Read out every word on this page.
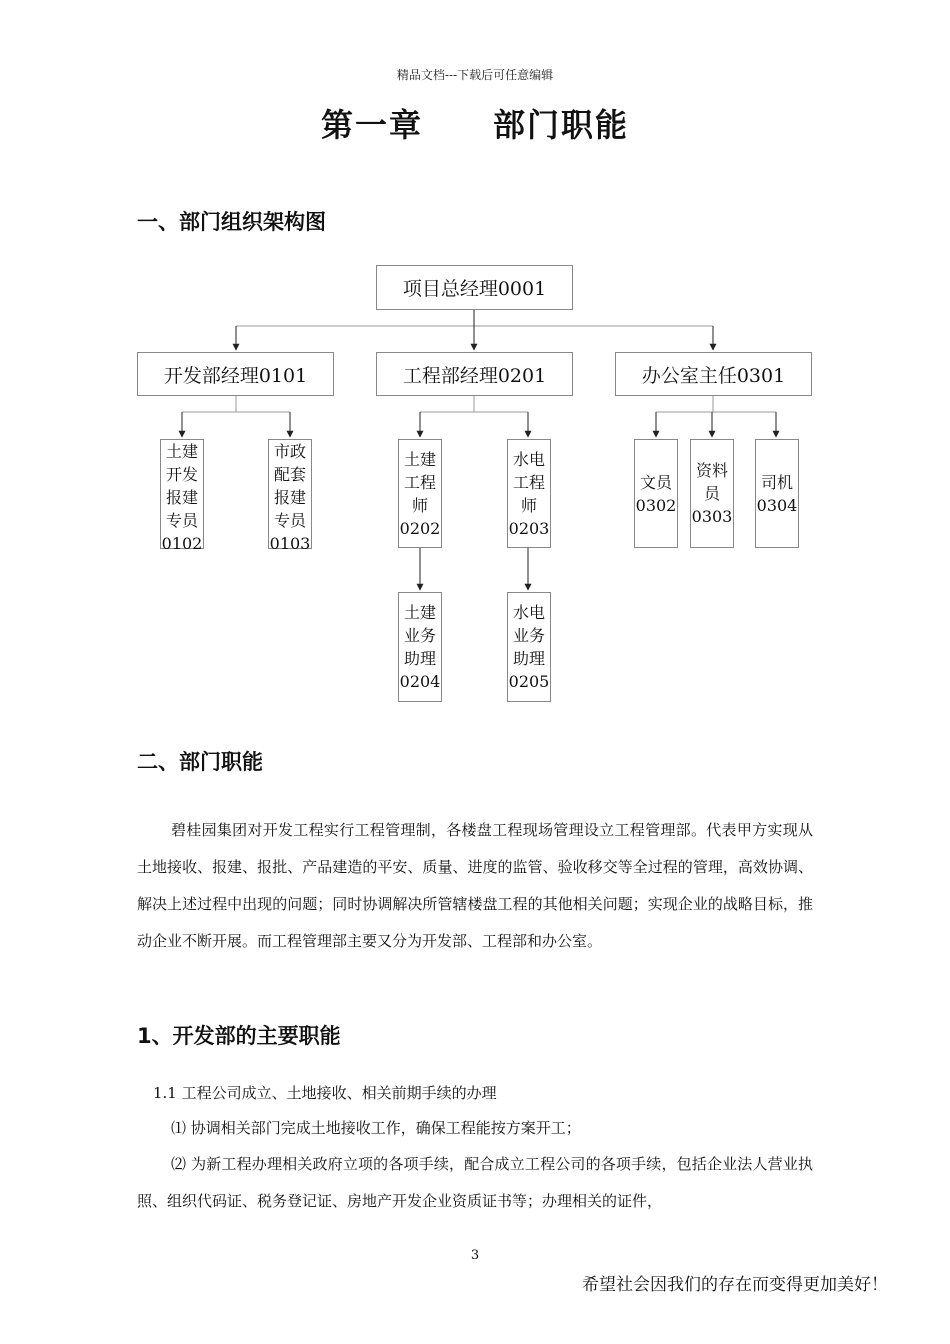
精品文档---下载后可任意编辑
第一章 部门职能
一、部门组织架构图
项目总经理0001
开发部经理0101	工程部经理0201	办公室主任0301
土建开发报建专员0102
市政配套报建专员0103
土建工程师0202
水电工程师0203
文员0302
资料员0303
司机0304
土建业务助理0204
水电业务助理0205
二、部门职能
碧桂园集团对开发工程实行工程管理制，各楼盘工程现场管理设立工程管理部。代表甲方实现从土地接收、报建、报批、产品建造的平安、质量、进度的监管、验收移交等全过程的管理，高效协调、解决上述过程中出现的问题；同时协调解决所管辖楼盘工程的其他相关问题；实现企业的战略目标，推动企业不断开展。而工程管理部主要又分为开发部、工程部和办公室。
1、开发部的主要职能
1.1 工程公司成立、土地接收、相关前期手续的办理
⑴ 协调相关部门完成土地接收工作，确保工程能按方案开工；
⑵ 为新工程办理相关政府立项的各项手续，配合成立工程公司的各项手续，包括企业法人营业执照、组织代码证、税务登记证、房地产开发企业资质证书等；办理相关的证件，
3
希望社会因我们的存在而变得更加美好！
